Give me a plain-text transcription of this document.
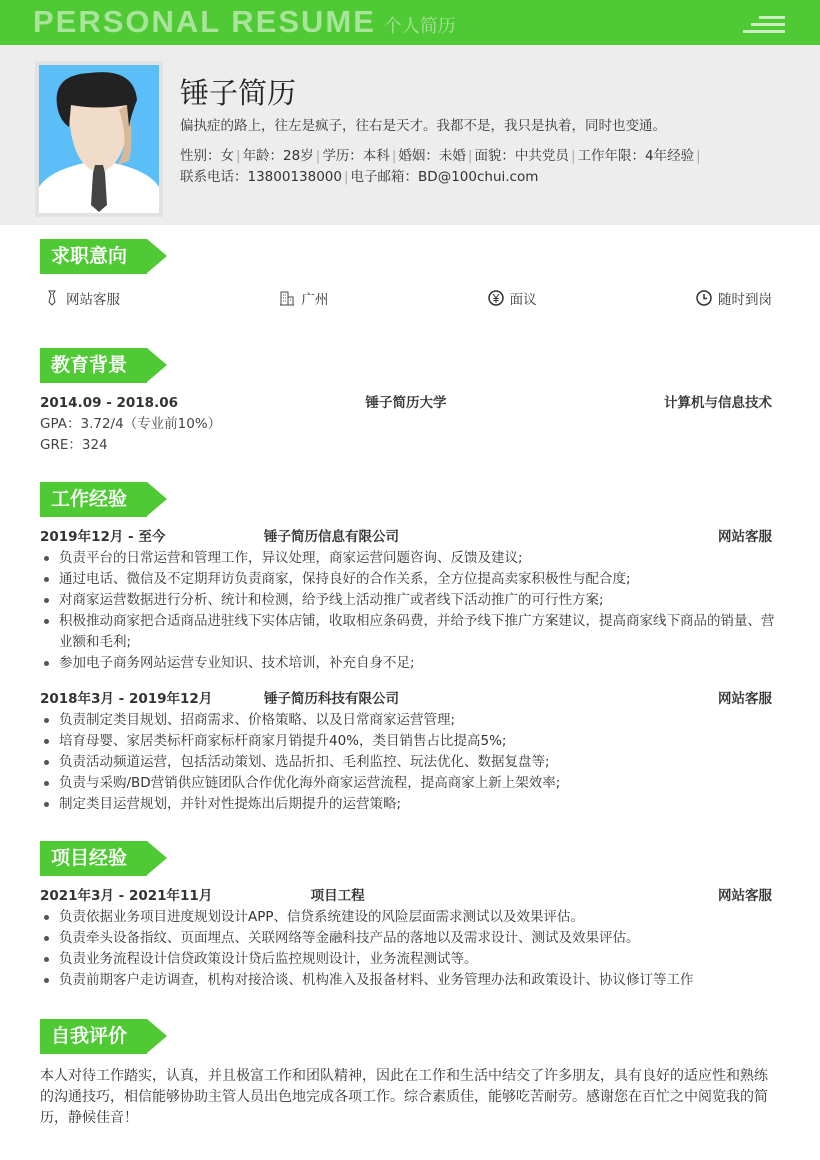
PERSONAL RESUME 个人简历
锤子简历
偏执症的路上，往左是疯子，往右是天才。我都不是，我只是执着，同时也变通。
性别：女 | 年龄：28岁 | 学历：本科 | 婚姻：未婚 | 面貌：中共党员 | 工作年限：4年经验 |
联系电话：13800138000 | 电子邮箱：BD@100chui.com
求职意向
网站客服	广州	面议	随时到岗
教育背景
2014.09 - 2018.06	锤子简历大学	计算机与信息技术
GPA：3.72/4（专业前10%）
GRE：324
工作经验
2019年12月 - 至今	锤子简历信息有限公司	网站客服
负责平台的日常运营和管理工作，异议处理，商家运营问题咨询、反馈及建议;
通过电话、微信及不定期拜访负责商家，保持良好的合作关系，全方位提高卖家积极性与配合度;
对商家运营数据进行分析、统计和检测，给予线上活动推广或者线下活动推广的可行性方案;
积极推动商家把合适商品进驻线下实体店铺，收取相应条码费，并给予线下推广方案建议，提高商家线下商品的销量、营业额和毛利;
参加电子商务网站运营专业知识、技术培训，补充自身不足;
2018年3月 - 2019年12月	锤子简历科技有限公司	网站客服
负责制定类目规划、招商需求、价格策略、以及日常商家运营管理;
培育母婴、家居类标杆商家标杆商家月销提升40%，类目销售占比提高5%;
负责活动频道运营，包括活动策划、选品折扣、毛利监控、玩法优化、数据复盘等;
负责与采购/BD营销供应链团队合作优化海外商家运营流程，提高商家上新上架效率;
制定类目运营规划，并针对性提炼出后期提升的运营策略;
项目经验
2021年3月 - 2021年11月	项目工程	网站客服
负责依据业务项目进度规划设计APP、信贷系统建设的风险层面需求测试以及效果评估。
负责牵头设备指纹、页面埋点、关联网络等金融科技产品的落地以及需求设计、测试及效果评估。
负责业务流程设计信贷政策设计贷后监控规则设计，业务流程测试等。
负责前期客户走访调查，机构对接洽谈、机构准入及报备材料、业务管理办法和政策设计、协议修订等工作
自我评价
本人对待工作踏实，认真，并且极富工作和团队精神，因此在工作和生活中结交了许多朋友，具有良好的适应性和熟练的沟通技巧，相信能够协助主管人员出色地完成各项工作。综合素质佳，能够吃苦耐劳。感谢您在百忙之中阅览我的简历，静候佳音！
